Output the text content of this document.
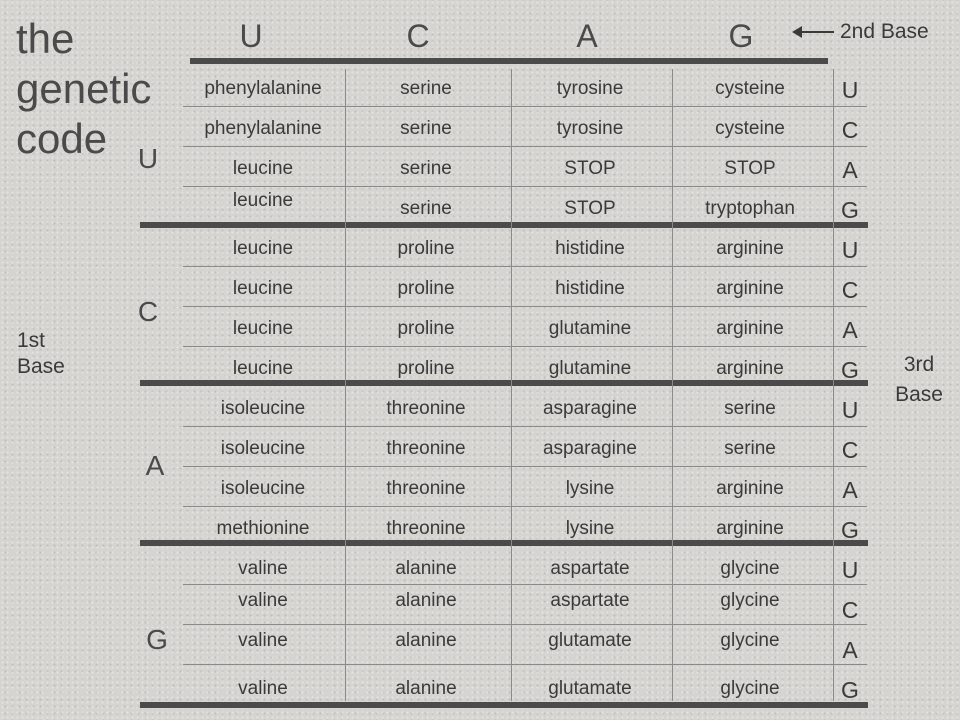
the
genetic
code
U	C	A	G	2nd Base
U
C
A
G
1st
Base	3rd
Base
phenylalanine	serine	tyrosine	cysteine U
phenylalanine	serine	tyrosine	cysteine C
leucine	serine	STOP	STOP	A
leucine	serine	STOP	tryptophan G
leucine	proline	histidine	arginine	U
leucine	proline	histidine	arginine	C
leucine	proline	glutamine	arginine	A
leucine	proline	glutamine	arginine G
isoleucine	threonine	asparagine	serine	U
isoleucine	threonine	asparagine	serine	C
isoleucine	threonine	lysine	arginine	A
methionine	threonine	lysine	arginine G
valine	alanine	aspartate	glycine	U
valine	alanine	aspartate	glycine	C
valine	alanine	glutamate	glycine	A
valine	alanine	glutamate	glycine	G
